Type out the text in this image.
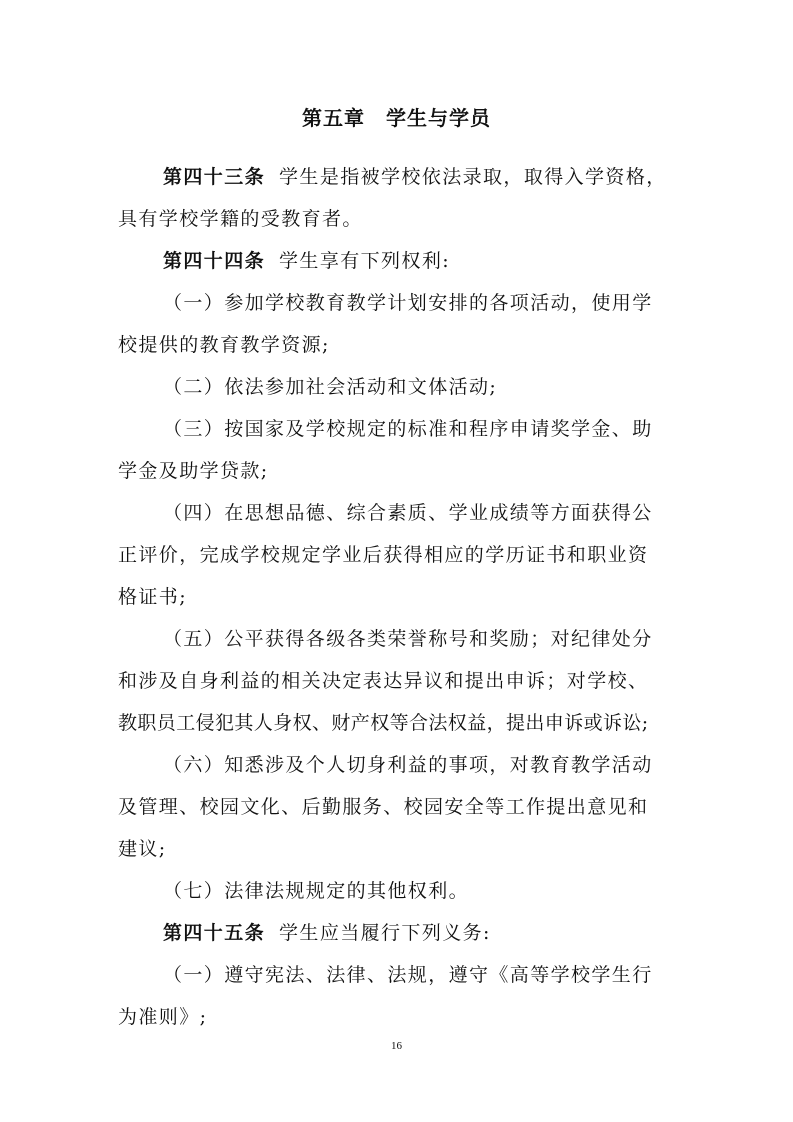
第五章　学生与学员
第四十三条 学生是指被学校依法录取，取得入学资格，
具有学校学籍的受教育者。
第四十四条 学生享有下列权利:
（一）参加学校教育教学计划安排的各项活动，使用学
校提供的教育教学资源;
（二）依法参加社会活动和文体活动;
（三）按国家及学校规定的标准和程序申请奖学金、助
学金及助学贷款;
（四）在思想品德、综合素质、学业成绩等方面获得公
正评价，完成学校规定学业后获得相应的学历证书和职业资
格证书;
（五）公平获得各级各类荣誉称号和奖励；对纪律处分
和涉及自身利益的相关决定表达异议和提出申诉；对学校、
教职员工侵犯其人身权、财产权等合法权益，提出申诉或诉讼;
（六）知悉涉及个人切身利益的事项，对教育教学活动
及管理、校园文化、后勤服务、校园安全等工作提出意见和
建议;
（七）法律法规规定的其他权利。
第四十五条 学生应当履行下列义务:
（一）遵守宪法、法律、法规，遵守《高等学校学生行
为准则》;
16
